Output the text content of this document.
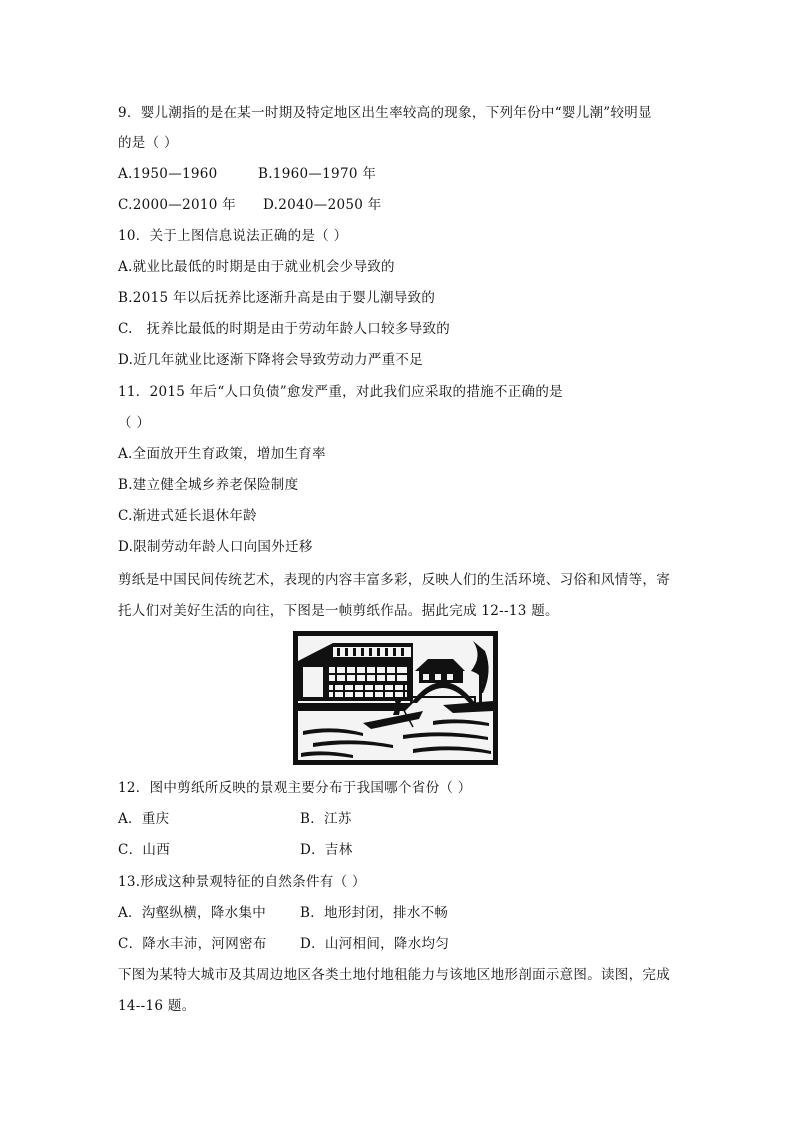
9．婴儿潮指的是在某一时期及特定地区出生率较高的现象，下列年份中“婴儿潮”较明显
的是（ ）
A.1950—1960	B.1960—1970 年
C.2000—2010 年 D.2040—2050 年
10．关于上图信息说法正确的是（ ）
A.就业比最低的时期是由于就业机会少导致的
B.2015 年以后抚养比逐渐升高是由于婴儿潮导致的
C.   抚养比最低的时期是由于劳动年龄人口较多导致的
D.近几年就业比逐渐下降将会导致劳动力严重不足
11．2015 年后“人口负债”愈发严重，对此我们应采取的措施不正确的是
（ ）
A.全面放开生育政策，增加生育率
B.建立健全城乡养老保险制度
C.渐进式延长退休年龄
D.限制劳动年龄人口向国外迁移
剪纸是中国民间传统艺术，表现的内容丰富多彩，反映人们的生活环境、习俗和风情等，寄
托人们对美好生活的向往，下图是一帧剪纸作品。据此完成 12--13 题。
12．图中剪纸所反映的景观主要分布于我国哪个省份（ ）
A．重庆	B．江苏
C．山西	D．吉林
13.形成这种景观特征的自然条件有（ ）
A．沟壑纵横，降水集中	B．地形封闭，排水不畅
C．降水丰沛，河网密布 D．山河相间，降水均匀
下图为某特大城市及其周边地区各类土地付地租能力与该地区地形剖面示意图。读图，完成
14--16 题。
